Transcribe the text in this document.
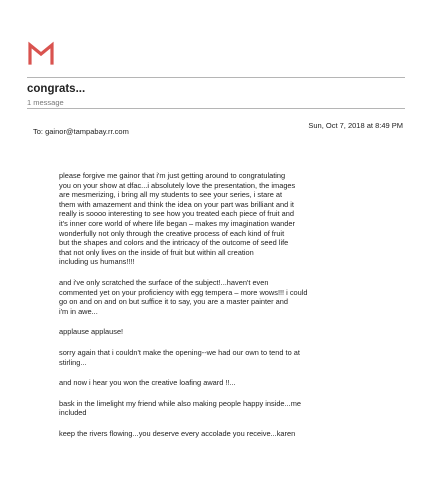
congrats...
1 message
Sun, Oct 7, 2018 at 8:49 PM
To: gainor@tampabay.rr.com

please forgive me gainor that i'm just getting around to congratulating
you on your show at dfac...i absolutely love the presentation, the images
are mesmerizing, i bring all my students to see your series, i stare at
them with amazement and think the idea on your part was brilliant and it
really is soooo interesting to see how you treated each piece of fruit and
it's inner core world of where life began – makes my imagination wander
wonderfully not only through the creative process of each kind of fruit
but the shapes and colors and the intricacy of the outcome of seed life
that not only lives on the inside of fruit but within all creation
including us humans!!!!

and i've only scratched the surface of the subject!...haven't even
commented yet on your proficiency with egg tempera – more wows!!! i could
go on and on and on but suffice it to say, you are a master painter and
i'm in awe...

applause applause!

sorry again that i couldn't make the opening--we had our own to tend to at
stirling...

and now i hear you won the creative loafing award !!...

bask in the limelight my friend while also making people happy inside...me
included

keep the rivers flowing...you deserve every accolade you receive...karen
